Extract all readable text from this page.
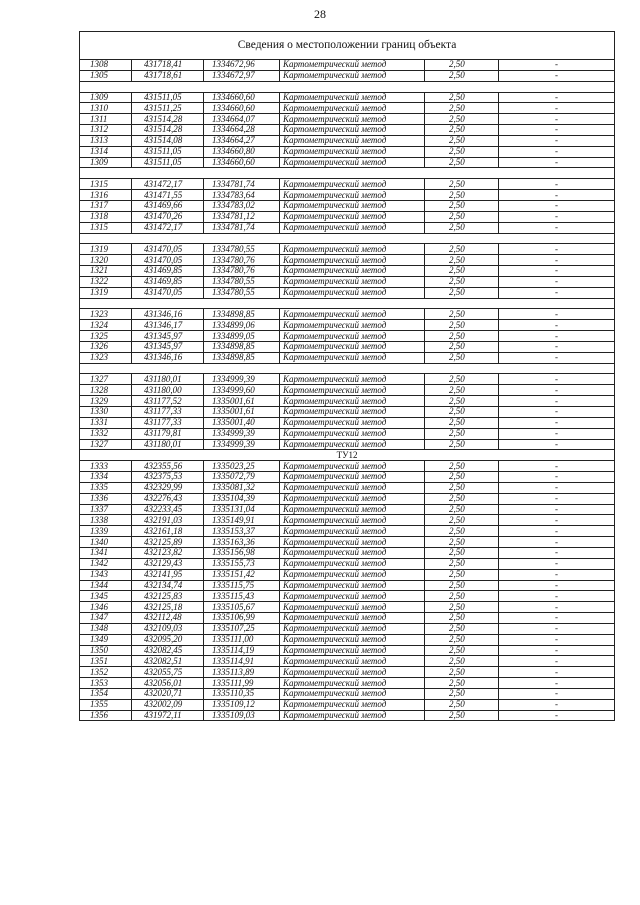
28
Сведения о местоположении границ объекта					
1308	431718,41	1334672,96	Картометрический метод	2,50	-
1305	431718,61	1334672,97	Картометрический метод	2,50	-

1309	431511,05	1334660,60	Картометрический метод	2,50	-
1310	431511,25	1334660,60	Картометрический метод	2,50	-
1311	431514,28	1334664,07	Картометрический метод	2,50	-
1312	431514,28	1334664,28	Картометрический метод	2,50	-
1313	431514,08	1334664,27	Картометрический метод	2,50	-
1314	431511,05	1334660,80	Картометрический метод	2,50	-
1309	431511,05	1334660,60	Картометрический метод	2,50	-

1315	431472,17	1334781,74	Картометрический метод	2,50	-
1316	431471,55	1334783,64	Картометрический метод	2,50	-
1317	431469,66	1334783,02	Картометрический метод	2,50	-
1318	431470,26	1334781,12	Картометрический метод	2,50	-
1315	431472,17	1334781,74	Картометрический метод	2,50	-

1319	431470,05	1334780,55	Картометрический метод	2,50	-
1320	431470,05	1334780,76	Картометрический метод	2,50	-
1321	431469,85	1334780,76	Картометрический метод	2,50	-
1322	431469,85	1334780,55	Картометрический метод	2,50	-
1319	431470,05	1334780,55	Картометрический метод	2,50	-

1323	431346,16	1334898,85	Картометрический метод	2,50	-
1324	431346,17	1334899,06	Картометрический метод	2,50	-
1325	431345,97	1334899,05	Картометрический метод	2,50	-
1326	431345,97	1334898,85	Картометрический метод	2,50	-
1323	431346,16	1334898,85	Картометрический метод	2,50	-

1327	431180,01	1334999,39	Картометрический метод	2,50	-
1328	431180,00	1334999,60	Картометрический метод	2,50	-
1329	431177,52	1335001,61	Картометрический метод	2,50	-
1330	431177,33	1335001,61	Картометрический метод	2,50	-
1331	431177,33	1335001,40	Картометрический метод	2,50	-
1332	431179,81	1334999,39	Картометрический метод	2,50	-
1327	431180,01	1334999,39	Картометрический метод	2,50	-
ТУ12					
1333	432355,56	1335023,25	Картометрический метод	2,50	-
1334	432375,53	1335072,79	Картометрический метод	2,50	-
1335	432329,99	1335081,32	Картометрический метод	2,50	-
1336	432276,43	1335104,39	Картометрический метод	2,50	-
1337	432233,45	1335131,04	Картометрический метод	2,50	-
1338	432191,03	1335149,91	Картометрический метод	2,50	-
1339	432161,18	1335153,37	Картометрический метод	2,50	-
1340	432125,89	1335163,36	Картометрический метод	2,50	-
1341	432123,82	1335156,98	Картометрический метод	2,50	-
1342	432129,43	1335155,73	Картометрический метод	2,50	-
1343	432141,95	1335151,42	Картометрический метод	2,50	-
1344	432134,74	1335115,75	Картометрический метод	2,50	-
1345	432125,83	1335115,43	Картометрический метод	2,50	-
1346	432125,18	1335105,67	Картометрический метод	2,50	-
1347	432112,48	1335106,99	Картометрический метод	2,50	-
1348	432109,03	1335107,25	Картометрический метод	2,50	-
1349	432095,20	1335111,00	Картометрический метод	2,50	-
1350	432082,45	1335114,19	Картометрический метод	2,50	-
1351	432082,51	1335114,91	Картометрический метод	2,50	-
1352	432055,75	1335113,89	Картометрический метод	2,50	-
1353	432056,01	1335111,99	Картометрический метод	2,50	-
1354	432020,71	1335110,35	Картометрический метод	2,50	-
1355	432002,09	1335109,12	Картометрический метод	2,50	-
1356	431972,11	1335109,03	Картометрический метод	2,50	-
